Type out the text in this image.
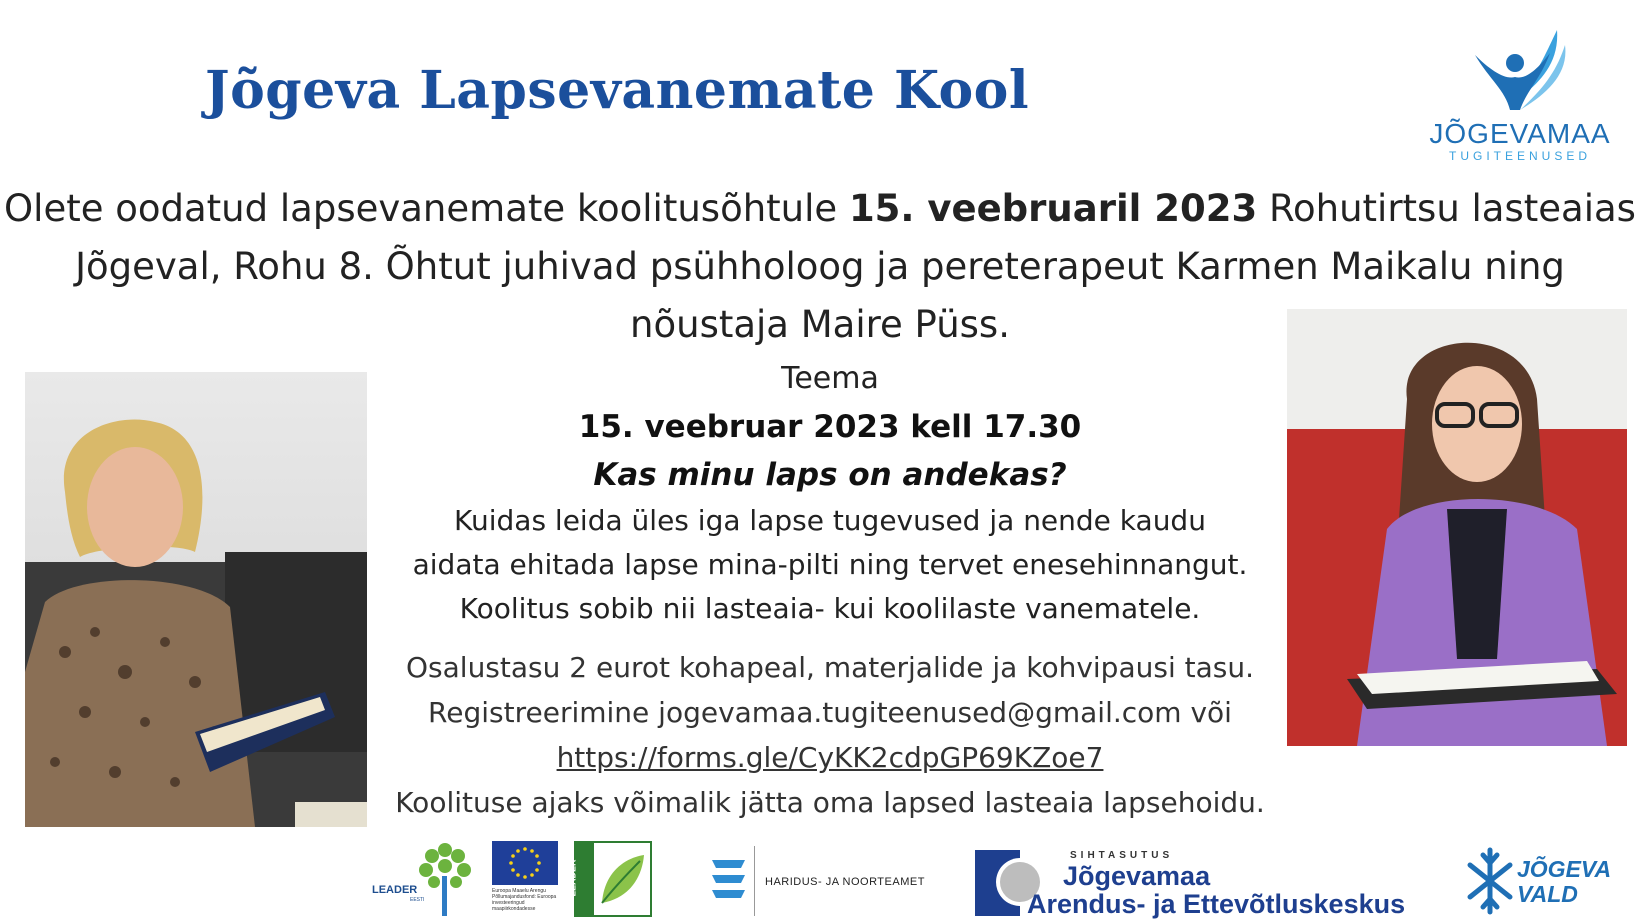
Jõgeva Lapsevanemate Kool
JÕGEVAMAA
TUGITEENUSED
Olete oodatud lapsevanemate koolitusõhtule 15. veebruaril 2023 Rohutirtsu lasteaias Jõgeval, Rohu 8. Õhtut juhivad psühholoog ja pereterapeut Karmen Maikalu ning nõustaja Maire Püss.
Teema
15. veebruar 2023 kell 17.30
Kas minu laps on andekas?
Kuidas leida üles iga lapse tugevused ja nende kaudu
aidata ehitada lapse mina-pilti ning tervet enesehinnangut.
Koolitus sobib nii lasteaia- kui koolilaste vanematele.
Osalustasu 2 eurot kohapeal, materjalide ja kohvipausi tasu.
Registreerimine jogevamaa.tugiteenused@gmail.com või
https://forms.gle/CyKK2cdpGP69KZoe7
Koolituse ajaks võimalik jätta oma lapsed lasteaia lapsehoidu.
LEADER
EESTI
Euroopa Maaelu Arengu Põllumajandusfond: Euroopa investeeringud maapiirkondadesse
LEADER	HARIDUS- JA NOORTEAMET
SIHTASUTUS
Jõgevamaa
Arendus- ja Ettevõtluskeskus
JÕGEVA
VALD
